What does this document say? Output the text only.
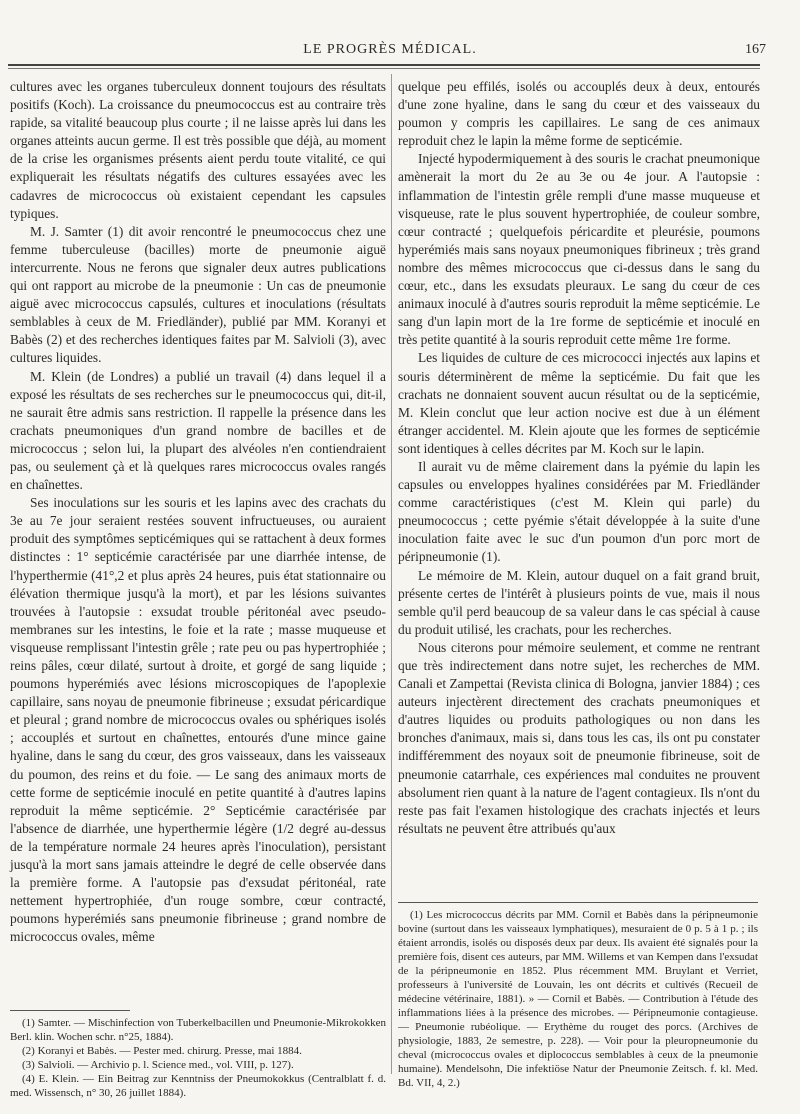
LE PROGRÈS MÉDICAL.	167

cultures avec les organes tuberculeux donnent toujours des résultats positifs (Koch). La croissance du pneumococcus est au contraire très rapide, sa vitalité beaucoup plus courte ; il ne laisse après lui dans les organes atteints aucun germe. Il est très possible que déjà, au moment de la crise les organismes présents aient perdu toute vitalité, ce qui expliquerait les résultats négatifs des cultures essayées avec les cadavres de micrococcus où existaient cependant les capsules typiques.

M. J. Samter (1) dit avoir rencontré le pneumococcus chez une femme tuberculeuse (bacilles) morte de pneumonie aiguë intercurrente. Nous ne ferons que signaler deux autres publications qui ont rapport au microbe de la pneumonie : Un cas de pneumonie aiguë avec micrococcus capsulés, cultures et inoculations (résultats semblables à ceux de M. Friedländer), publié par MM. Koranyi et Babès (2) et des recherches identiques faites par M. Salvioli (3), avec cultures liquides.

M. Klein (de Londres) a publié un travail (4) dans lequel il a exposé les résultats de ses recherches sur le pneumococcus qui, dit-il, ne saurait être admis sans restriction. Il rappelle la présence dans les crachats pneumoniques d'un grand nombre de bacilles et de micrococcus ; selon lui, la plupart des alvéoles n'en contiendraient pas, ou seulement çà et là quelques rares micrococcus ovales rangés en chaînettes.

Ses inoculations sur les souris et les lapins avec des crachats du 3e au 7e jour seraient restées souvent infructueuses, ou auraient produit des symptômes septicémiques qui se rattachent à deux formes distinctes : 1° septicémie caractérisée par une diarrhée intense, de l'hyperthermie (41°,2 et plus après 24 heures, puis état stationnaire ou élévation thermique jusqu'à la mort), et par les lésions suivantes trouvées à l'autopsie : exsudat trouble péritonéal avec pseudo-membranes sur les intestins, le foie et la rate ; masse muqueuse et visqueuse remplissant l'intestin grêle ; rate peu ou pas hypertrophiée ; reins pâles, cœur dilaté, surtout à droite, et gorgé de sang liquide ; poumons hyperémiés avec lésions microscopiques de l'apoplexie capillaire, sans noyau de pneumonie fibrineuse ; exsudat péricardique et pleural ; grand nombre de micrococcus ovales ou sphériques isolés ; accouplés et surtout en chaînettes, entourés d'une mince gaine hyaline, dans le sang du cœur, des gros vaisseaux, dans les vaisseaux du poumon, des reins et du foie. — Le sang des animaux morts de cette forme de septicémie inoculé en petite quantité à d'autres lapins reproduit la même septicémie. 2° Septicémie caractérisée par l'absence de diarrhée, une hyperthermie légère (1/2 degré au-dessus de la température normale 24 heures après l'inoculation), persistant jusqu'à la mort sans jamais atteindre le degré de celle observée dans la première forme. A l'autopsie pas d'exsudat péritonéal, rate nettement hypertrophiée, d'un rouge sombre, cœur contracté, poumons hyperémiés sans pneumonie fibrineuse ; grand nombre de micrococcus ovales, même

(1) Samter. — Mischinfection von Tuberkelbacillen und Pneumonie-Mikrokokken Berl. klin. Wochen schr. n°25, 1884).

(2) Koranyi et Babès. — Pester med. chirurg. Presse, mai 1884.

(3) Salvioli. — Archivio p. l. Science med., vol. VIII, p. 127).

(4) E. Klein. — Ein Beitrag zur Kenntniss der Pneumokokkus (Centralblatt f. d. med. Wissensch, n° 30, 26 juillet 1884).

quelque peu effilés, isolés ou accouplés deux à deux, entourés d'une zone hyaline, dans le sang du cœur et des vaisseaux du poumon y compris les capillaires. Le sang de ces animaux reproduit chez le lapin la même forme de septicémie.

Injecté hypodermiquement à des souris le crachat pneumonique amènerait la mort du 2e au 3e ou 4e jour. A l'autopsie : inflammation de l'intestin grêle rempli d'une masse muqueuse et visqueuse, rate le plus souvent hypertrophiée, de couleur sombre, cœur contracté ; quelquefois péricardite et pleurésie, poumons hyperémiés mais sans noyaux pneumoniques fibrineux ; très grand nombre des mêmes micrococcus que ci-dessus dans le sang du cœur, etc., dans les exsudats pleuraux. Le sang du cœur de ces animaux inoculé à d'autres souris reproduit la même septicémie. Le sang d'un lapin mort de la 1re forme de septicémie et inoculé en très petite quantité à la souris reproduit cette même 1re forme.

Les liquides de culture de ces micrococci injectés aux lapins et souris déterminèrent de même la septicémie. Du fait que les crachats ne donnaient souvent aucun résultat ou de la septicémie, M. Klein conclut que leur action nocive est due à un élément étranger accidentel. M. Klein ajoute que les formes de septicémie sont identiques à celles décrites par M. Koch sur le lapin.

Il aurait vu de même clairement dans la pyémie du lapin les capsules ou enveloppes hyalines considérées par M. Friedländer comme caractéristiques (c'est M. Klein qui parle) du pneumococcus ; cette pyémie s'était développée à la suite d'une inoculation faite avec le suc d'un poumon d'un porc mort de péripneumonie (1).

Le mémoire de M. Klein, autour duquel on a fait grand bruit, présente certes de l'intérêt à plusieurs points de vue, mais il nous semble qu'il perd beaucoup de sa valeur dans le cas spécial à cause du produit utilisé, les crachats, pour les recherches.

Nous citerons pour mémoire seulement, et comme ne rentrant que très indirectement dans notre sujet, les recherches de MM. Canali et Zampettai (Revista clinica di Bologna, janvier 1884) ; ces auteurs injectèrent directement des crachats pneumoniques et d'autres liquides ou produits pathologiques ou non dans les bronches d'animaux, mais si, dans tous les cas, ils ont pu constater indifféremment des noyaux soit de pneumonie fibrineuse, soit de pneumonie catarrhale, ces expériences mal conduites ne prouvent absolument rien quant à la nature de l'agent contagieux. Ils n'ont du reste pas fait l'examen histologique des crachats injectés et leurs résultats ne peuvent être attribués qu'aux

(1) Les micrococcus décrits par MM. Cornil et Babès dans la péripneumonie bovine (surtout dans les vaisseaux lymphatiques), mesuraient de 0 p. 5 à 1 p. ; ils étaient arrondis, isolés ou disposés deux par deux. Ils avaient été signalés pour la première fois, disent ces auteurs, par MM. Willems et van Kempen dans l'exsudat de la péripneumonie en 1852. Plus récemment MM. Bruylant et Verriet, professeurs à l'université de Louvain, les ont décrits et cultivés (Recueil de médecine vétérinaire, 1881). » — Cornil et Babès. — Contribution à l'étude des inflammations liées à la présence des microbes. — Péripneumonie contagieuse. — Pneumonie rubéolique. — Erythème du rouget des porcs. (Archives de physiologie, 1883, 2e semestre, p. 228). — Voir pour la pleuropneumonie du cheval (micrococcus ovales et diplococcus semblables à ceux de la pneumonie humaine). Mendelsohn, Die infektiöse Natur der Pneumonie Zeitsch. f. kl. Med. Bd. VII, 4, 2.)
